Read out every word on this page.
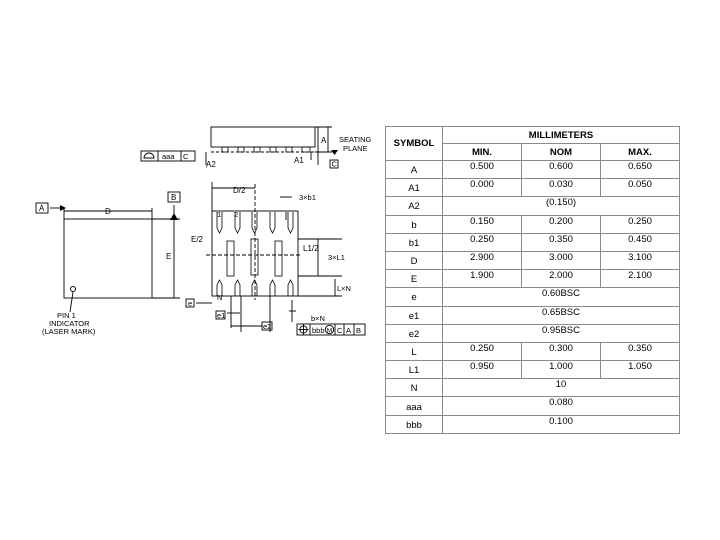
A
A1
A2
SEATING
PLANE
C
aaa C
A
B
D
E
PIN 1
INDICATOR
(LASER MARK)
D/2
E/2
3×b1
L1/2
3×L1
L×N
b×N
1 2
N
e
e1
e2	bbb M C A B
SYMBOL	MILLIMETERS		
	MIN.	NOM	MAX.
A	0.500	0.600	0.650
A1	0.000	0.030	0.050
A2	(0.150)		
b	0.150	0.200	0.250
b1	0.250	0.350	0.450
D	2.900	3.000	3.100
E	1.900	2.000	2.100
e	0.60BSC		
e1	0.65BSC		
e2	0.95BSC		
L	0.250	0.300	0.350
L1	0.950	1.000	1.050
N	10		
aaa	0.080		
bbb	0.100		
